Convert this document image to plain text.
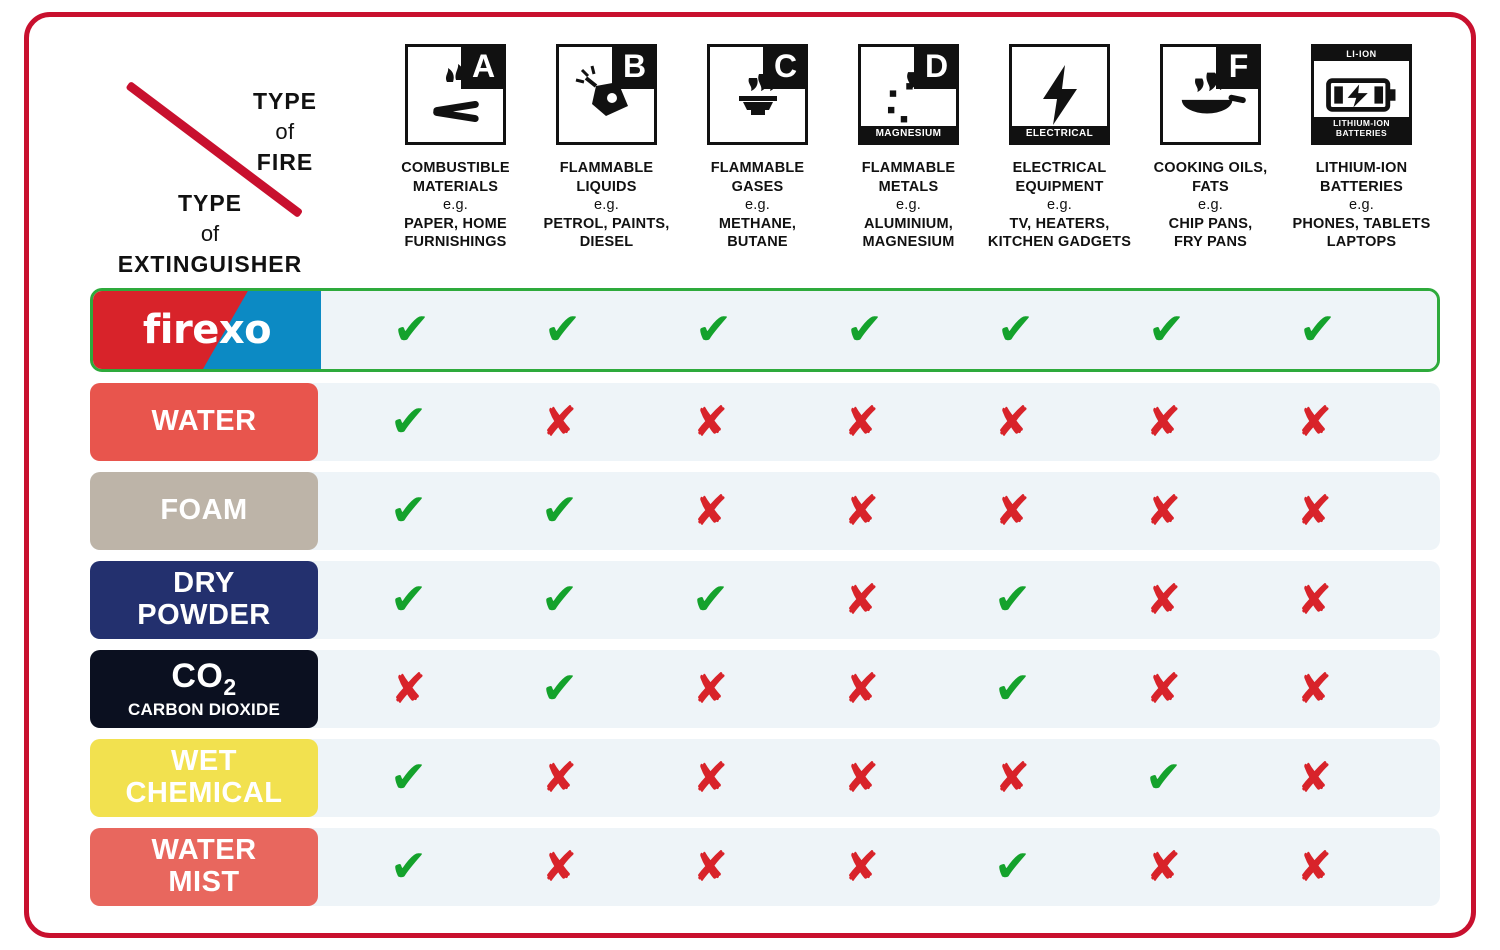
TYPE
of
FIRE
TYPE
of
EXTINGUISHER
A
COMBUSTIBLE
MATERIALS
e.g.
PAPER, HOME
FURNISHINGS
B
FLAMMABLE
LIQUIDS
e.g.
PETROL, PAINTS,
DIESEL
C
FLAMMABLE
GASES
e.g.
METHANE,
BUTANE
MAGNESIUM
D
FLAMMABLE
METALS
e.g.
ALUMINIUM,
MAGNESIUM
ELECTRICAL
ELECTRICAL
EQUIPMENT
e.g.
TV, HEATERS,
KITCHEN GADGETS
F
COOKING OILS,
FATS
e.g.
CHIP PANS,
FRY PANS
LI-ION
LITHIUM-ION
BATTERIES
LITHIUM-ION
BATTERIES
e.g.
PHONES, TABLETS
LAPTOPS
firexo	✔	✔	✔	✔	✔	✔	✔
WATER	✔	✘	✘	✘	✘	✘	✘
FOAM	✔	✔	✘	✘	✘	✘	✘
DRY
POWDER	✔	✔	✔	✘	✔	✘	✘
$CO_2$
CARBON DIOXIDE	✘	✔	✘	✘	✔	✘	✘
WET
CHEMICAL ✔	✘	✘	✘	✘	✔	✘
WATER
MIST	✔	✘	✘	✘	✔	✘	✘
